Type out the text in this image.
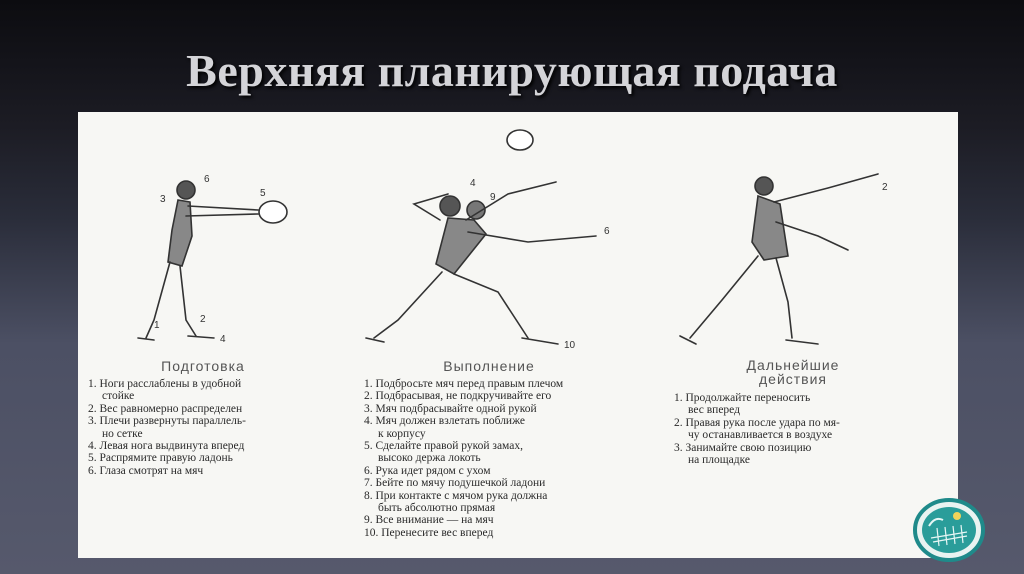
Верхняя планирующая подача
1
2
3
4
5
6	4
9
6
10
2
Подготовка
1. Ноги расслаблены в удобной
стойке
2. Вес равномерно распределен
3. Плечи развернуты параллель-
но сетке
4. Левая нога выдвинута вперед
5. Распрямите правую ладонь
6. Глаза смотрят на мяч
Выполнение
1. Подбросьте мяч перед правым плечом
2. Подбрасывая, не подкручивайте его
3. Мяч подбрасывайте одной рукой
4. Мяч должен взлетать поближе
к корпусу
5. Сделайте правой рукой замах,
высоко держа локоть
6. Рука идет рядом с ухом
7. Бейте по мячу подушечкой ладони
8. При контакте с мячом рука должна
быть абсолютно прямая
9. Все внимание — на мяч
10. Перенесите вес вперед
Дальнейшие
действия
1. Продолжайте переносить
вес вперед
2. Правая рука после удара по мя-
чу останавливается в воздухе
3. Занимайте свою позицию
на площадке
